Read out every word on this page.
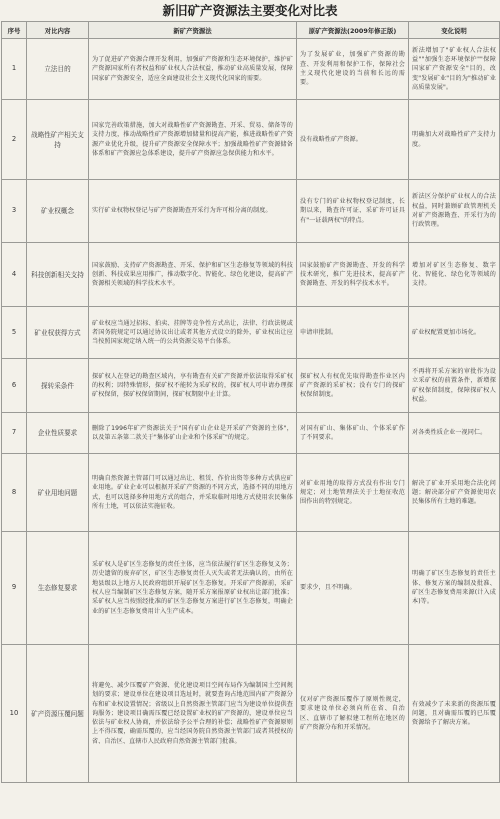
新旧矿产资源法主要变化对比表
序号	对比内容	新矿产资源法	原矿产资源法(2009年修正版)	变化说明
1	立法目的	为了促进矿产资源合理开发利用，加强矿产资源和生态环境保护，维护矿产资源国家所有者权益和矿业权人合法权益，推动矿业高质量发展，保障国家矿产资源安全，适应全面建设社会主义现代化国家的需要。	为了发展矿业，加强矿产资源的勘查、开发利用和保护工作，保障社会主义现代化建设的当前和长远的需要。	新法增加了"矿业权人合法权益""加强生态环境保护""保障国家矿产资源安全"目的，改变"发展矿业"目的为"推动矿业高质量发展"。
2	战略性矿产相关支持	国家完善政策措施，加大对战略性矿产资源勘查、开采、贸易、储备等的支持力度，推动战略性矿产资源增加储量和提高产能，推进战略性矿产资源产业优化升级，提升矿产资源安全保障水平；加强战略性矿产资源储备体系和矿产资源应急体系建设，提升矿产资源应急保供能力和水平。	没有战略性矿产资源。	明确加大对战略性矿产支持力度。
3	矿业权概念	实行矿业权物权登记与矿产资源勘查开采行为许可相分离的制度。	没有专门的矿业权物权登记制度，长期以来，勘查许可证、采矿许可证具有"一证载两权"的特点。	新法区分保护矿业权人的合法权益，同时兼顾矿政管理机关对矿产资源勘查、开采行为的行政管理。
4	科技创新相关支持	国家鼓励、支持矿产资源勘查、开采、保护和矿区生态修复等领域的科技创新、科技成果应用推广，推动数字化、智能化、绿色化建设，提高矿产资源相关领域的科学技术水平。	国家鼓励矿产资源勘查、开发的科学技术研究，推广先进技术，提高矿产资源勘查、开发的科学技术水平。	增加对矿区生态修复、数字化、智能化、绿色化等领域的支持。
5	矿业权获得方式	矿业权应当通过招标、拍卖、挂牌等竞争性方式出让，法律、行政法规或者国务院规定可以通过协议出让或者其他方式设立的除外，矿业权出让应当按照国家规定纳入统一的公共资源交易平台体系。	申请审批制。	矿业权配置更加市场化。
6	探转采条件	探矿权人在登记的勘查区域内，享有勘查有关矿产资源并依法取得采矿权的权利；因特殊情形，探矿权不能转为采矿权的，探矿权人可申请办理探矿权保留，探矿权保留期间，探矿权期限中止计算。	探矿权人有权优先取得勘查作业区内矿产资源的采矿权；没有专门的探矿权保留制度。	不再将开采方案的审批作为设立采矿权的前置条件，新增探矿权保留制度，保障探矿权人权益。
7	企业性质要求	删除了1996年矿产资源法关于"国有矿山企业是开采矿产资源的主体"，以及第五条第二款关于"集体矿山企业和个体采矿"的规定。	对国有矿山、集体矿山、个体采矿作了不同要求。	对各类性质企业一视同仁。
8	矿业用地问题	明确自然资源主管部门可以通过出让、租赁、作价出资等多种方式供应矿业用地。矿业企业可以根据开采矿产资源的不同方式，选择不同的用地方式，也可以选择多种用地方式的组合，并采取临时用地方式使用农民集体所有土地，可以依法实施征收。	对矿业用地的取得方式没有作出专门规定；对土地管理法关于土地征收范围作出的特别规定。	解决了矿业开采用地合法化问题；解决部分矿产资源使用农民集体所有土地的难题。
9	生态修复要求	采矿权人是矿区生态修复的责任主体，应当依法履行矿区生态修复义务；历史遗留的废弃矿区，矿区生态修复责任人灭失或者无法确认的，由所在地县级以上地方人民政府组织开展矿区生态修复。开采矿产资源前，采矿权人应当编制矿区生态修复方案，随开采方案报原矿业权出让部门批准；采矿权人应当按照经批准的矿区生态修复方案进行矿区生态修复，明确企业的矿区生态修复费用计入生产成本。	要求少，且不明确。	明确了矿区生态修复的责任主体、修复方案的编制及批准、矿区生态修复费用来源(计入成本)等。
10	矿产资源压覆问题	将避免、减少压覆矿产资源、优化建设项目空间布局作为编制国土空间规划的要求；建设单位在建设项目选址时，就要查询占地范围内矿产资源分布和矿业权设置情况；省级以上自然资源主管部门应当为建设单位提供查询服务；建设项目确需压覆已经设置矿业权的矿产资源的，建设单位应当依法与矿业权人协商，并依法给予公平合理的补偿；战略性矿产资源原则上不得压覆，确需压覆的，应当经国务院自然资源主管部门或者其授权的省、自治区、直辖市人民政府自然资源主管部门批准。	仅对矿产资源压覆作了原则性规定，要求建设单位必须向所在省、自治区、直辖市了解拟建工程所在地区的矿产资源分布和开采情况。	有效减少了未来新的资源压覆问题，且对确需压覆的已压覆资源给予了解决方案。
